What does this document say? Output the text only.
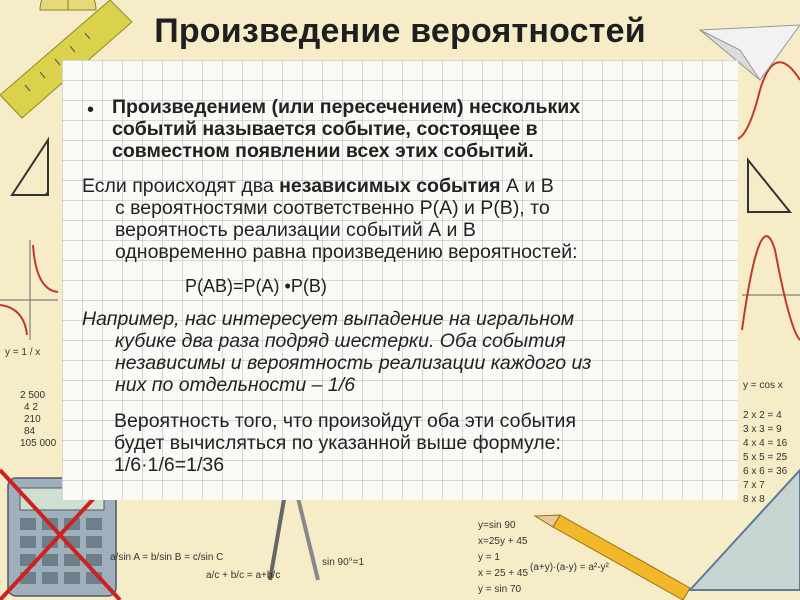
y = 1 / x
y = cos x
a/sin A = b/sin B = c/sin C
a/c + b/c = a+b/c
sin 90°=1
y=sin 90
x=25y + 45
y = 1
x = 25 + 45
y = sin 70
(a+y)·(a-y) = a²-y²
2 x 2 = 4
3 x 3 = 9
4 x 4 = 16
5 x 5 = 25
6 x 6 = 36
7 x 7
8 x 8
2 500
4 2
210
84
105 000
Произведение вероятностей
• Произведением (или пересечением) нескольких
событий называется событие, состоящее в
совместном появлении всех этих событий.
Если происходят два независимых события А и В
с вероятностями соответственно Р(А) и Р(В), то
вероятность реализации событий А и В
одновременно равна произведению вероятностей:
P(AB)=P(A) •P(B)
Например, нас интересует выпадение на игральном
кубике два раза подряд шестерки. Оба события
независимы и вероятность реализации каждого из
них по отдельности – 1/6
Вероятность того, что произойдут оба эти события
будет вычисляться по указанной выше формуле:
1/6·1/6=1/36
